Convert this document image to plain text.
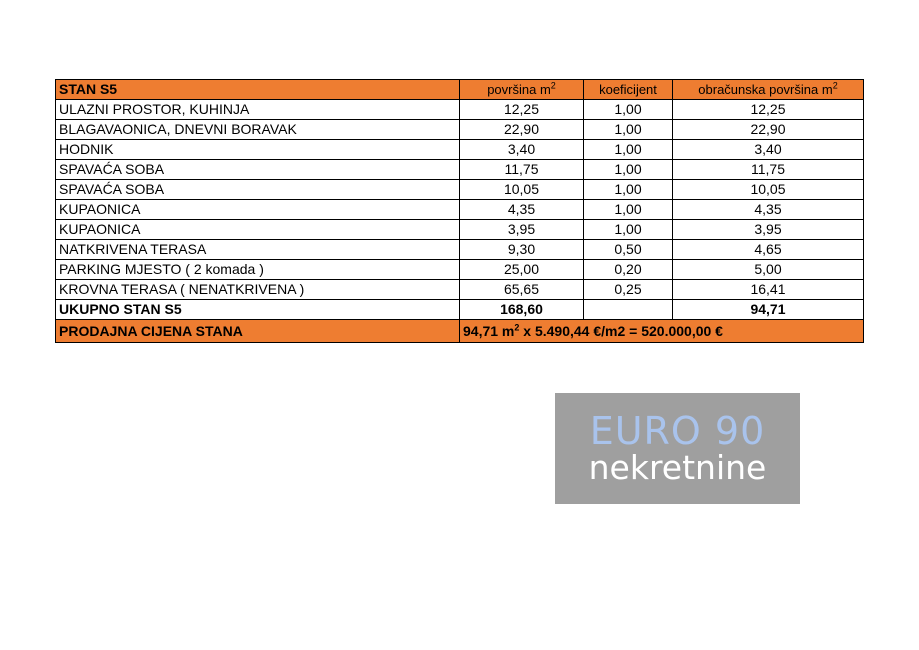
STAN S5	površina $m^2$	koeficijent	obračunska površina $m^2$
ULAZNI PROSTOR, KUHINJA	12,25	1,00	12,25
BLAGAVAONICA, DNEVNI BORAVAK	22,90	1,00	22,90
HODNIK	3,40	1,00	3,40
SPAVAĆA SOBA	11,75	1,00	11,75
SPAVAĆA SOBA	10,05	1,00	10,05
KUPAONICA	4,35	1,00	4,35
KUPAONICA	3,95	1,00	3,95
NATKRIVENA TERASA	9,30	0,50	4,65
PARKING MJESTO ( 2 komada )	25,00	0,20	5,00
KROVNA TERASA ( NENATKRIVENA )	65,65	0,25	16,41
UKUPNO STAN S5	168,60		94,71
PRODAJNA CIJENA STANA	94,71 $m^2$ x 5.490,44 €/m2 = 520.000,00 €		
EURO 90
nekretnine
